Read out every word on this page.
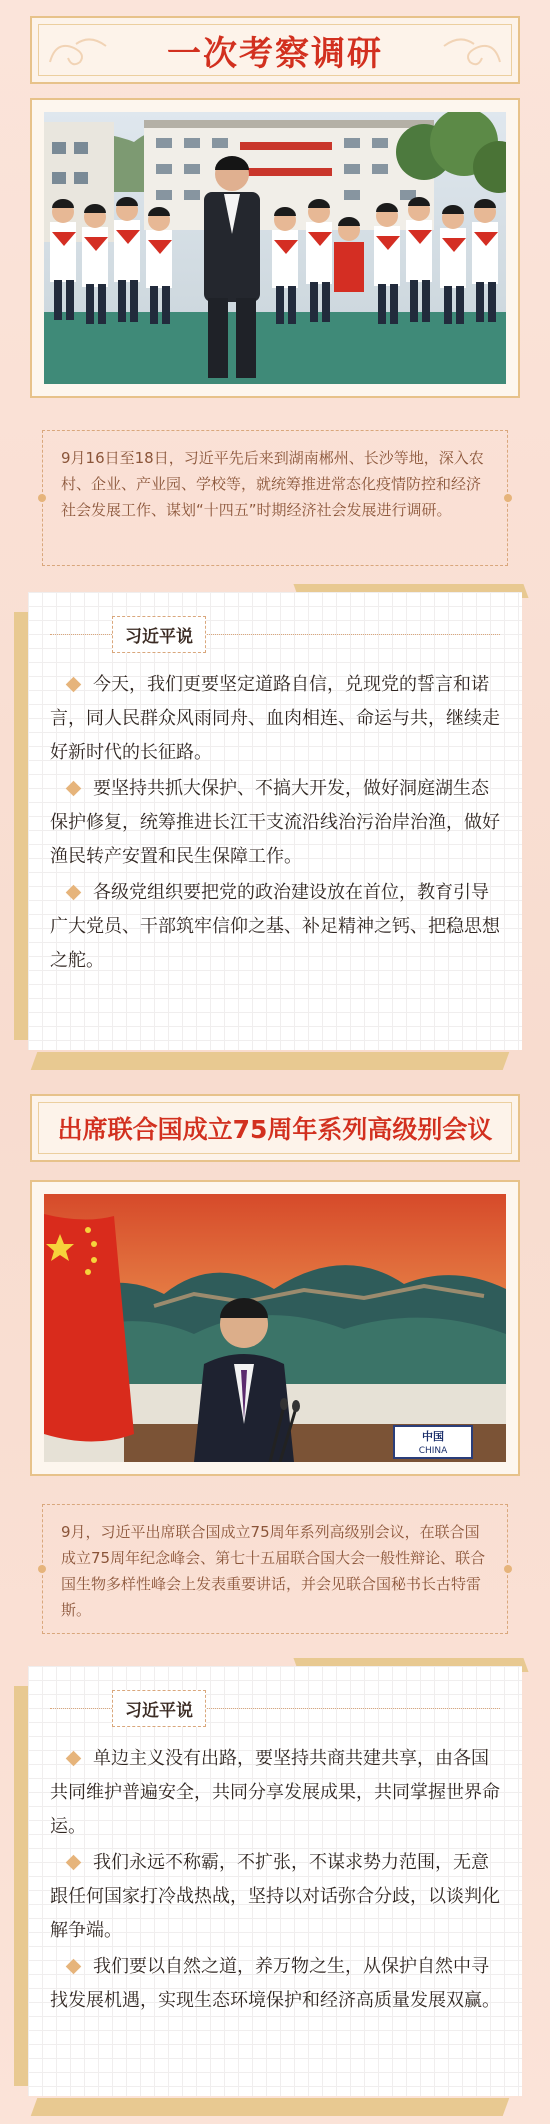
一次考察调研
9月16日至18日，习近平先后来到湖南郴州、长沙等地，深入农村、企业、产业园、学校等，就统筹推进常态化疫情防控和经济社会发展工作、谋划“十四五”时期经济社会发展进行调研。
习近平说

今天，我们更要坚定道路自信，兑现党的誓言和诺言，同人民群众风雨同舟、血肉相连、命运与共，继续走好新时代的长征路。

要坚持共抓大保护、不搞大开发，做好洞庭湖生态保护修复，统筹推进长江干支流沿线治污治岸治渔，做好渔民转产安置和民生保障工作。

各级党组织要把党的政治建设放在首位，教育引导广大党员、干部筑牢信仰之基、补足精神之钙、把稳思想之舵。

出席联合国成立75周年系列高级别会议
中国
CHINA
9月，习近平出席联合国成立75周年系列高级别会议，在联合国成立75周年纪念峰会、第七十五届联合国大会一般性辩论、联合国生物多样性峰会上发表重要讲话，并会见联合国秘书长古特雷斯。
习近平说

单边主义没有出路，要坚持共商共建共享，由各国共同维护普遍安全，共同分享发展成果，共同掌握世界命运。

我们永远不称霸，不扩张，不谋求势力范围，无意跟任何国家打冷战热战，坚持以对话弥合分歧，以谈判化解争端。

我们要以自然之道，养万物之生，从保护自然中寻找发展机遇，实现生态环境保护和经济高质量发展双赢。
